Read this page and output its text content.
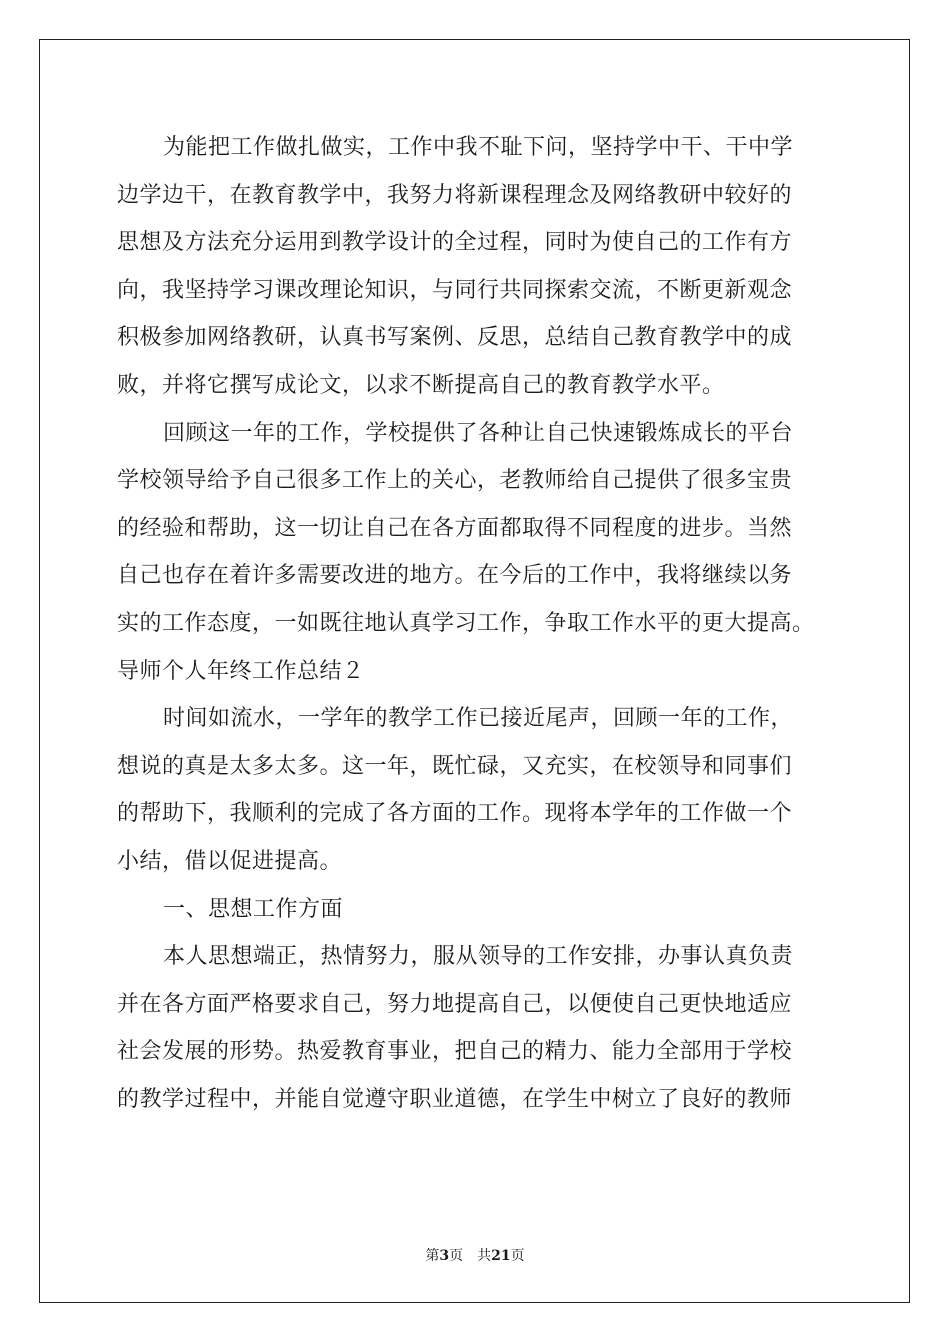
为能把工作做扎做实，工作中我不耻下问，坚持学中干、干中学
边学边干，在教育教学中，我努力将新课程理念及网络教研中较好的
思想及方法充分运用到教学设计的全过程，同时为使自己的工作有方
向，我坚持学习课改理论知识，与同行共同探索交流，不断更新观念
积极参加网络教研，认真书写案例、反思，总结自己教育教学中的成
败，并将它撰写成论文，以求不断提高自己的教育教学水平。
回顾这一年的工作，学校提供了各种让自己快速锻炼成长的平台
学校领导给予自己很多工作上的关心，老教师给自己提供了很多宝贵
的经验和帮助，这一切让自己在各方面都取得不同程度的进步。当然
自己也存在着许多需要改进的地方。在今后的工作中，我将继续以务
实的工作态度，一如既往地认真学习工作，争取工作水平的更大提高。
导师个人年终工作总结２
时间如流水，一学年的教学工作已接近尾声，回顾一年的工作，
想说的真是太多太多。这一年，既忙碌，又充实，在校领导和同事们
的帮助下，我顺利的完成了各方面的工作。现将本学年的工作做一个
小结，借以促进提高。
一、思想工作方面
本人思想端正，热情努力，服从领导的工作安排，办事认真负责
并在各方面严格要求自己，努力地提高自己，以便使自己更快地适应
社会发展的形势。热爱教育事业，把自己的精力、能力全部用于学校
的教学过程中，并能自觉遵守职业道德，在学生中树立了良好的教师
第3页　共21页
